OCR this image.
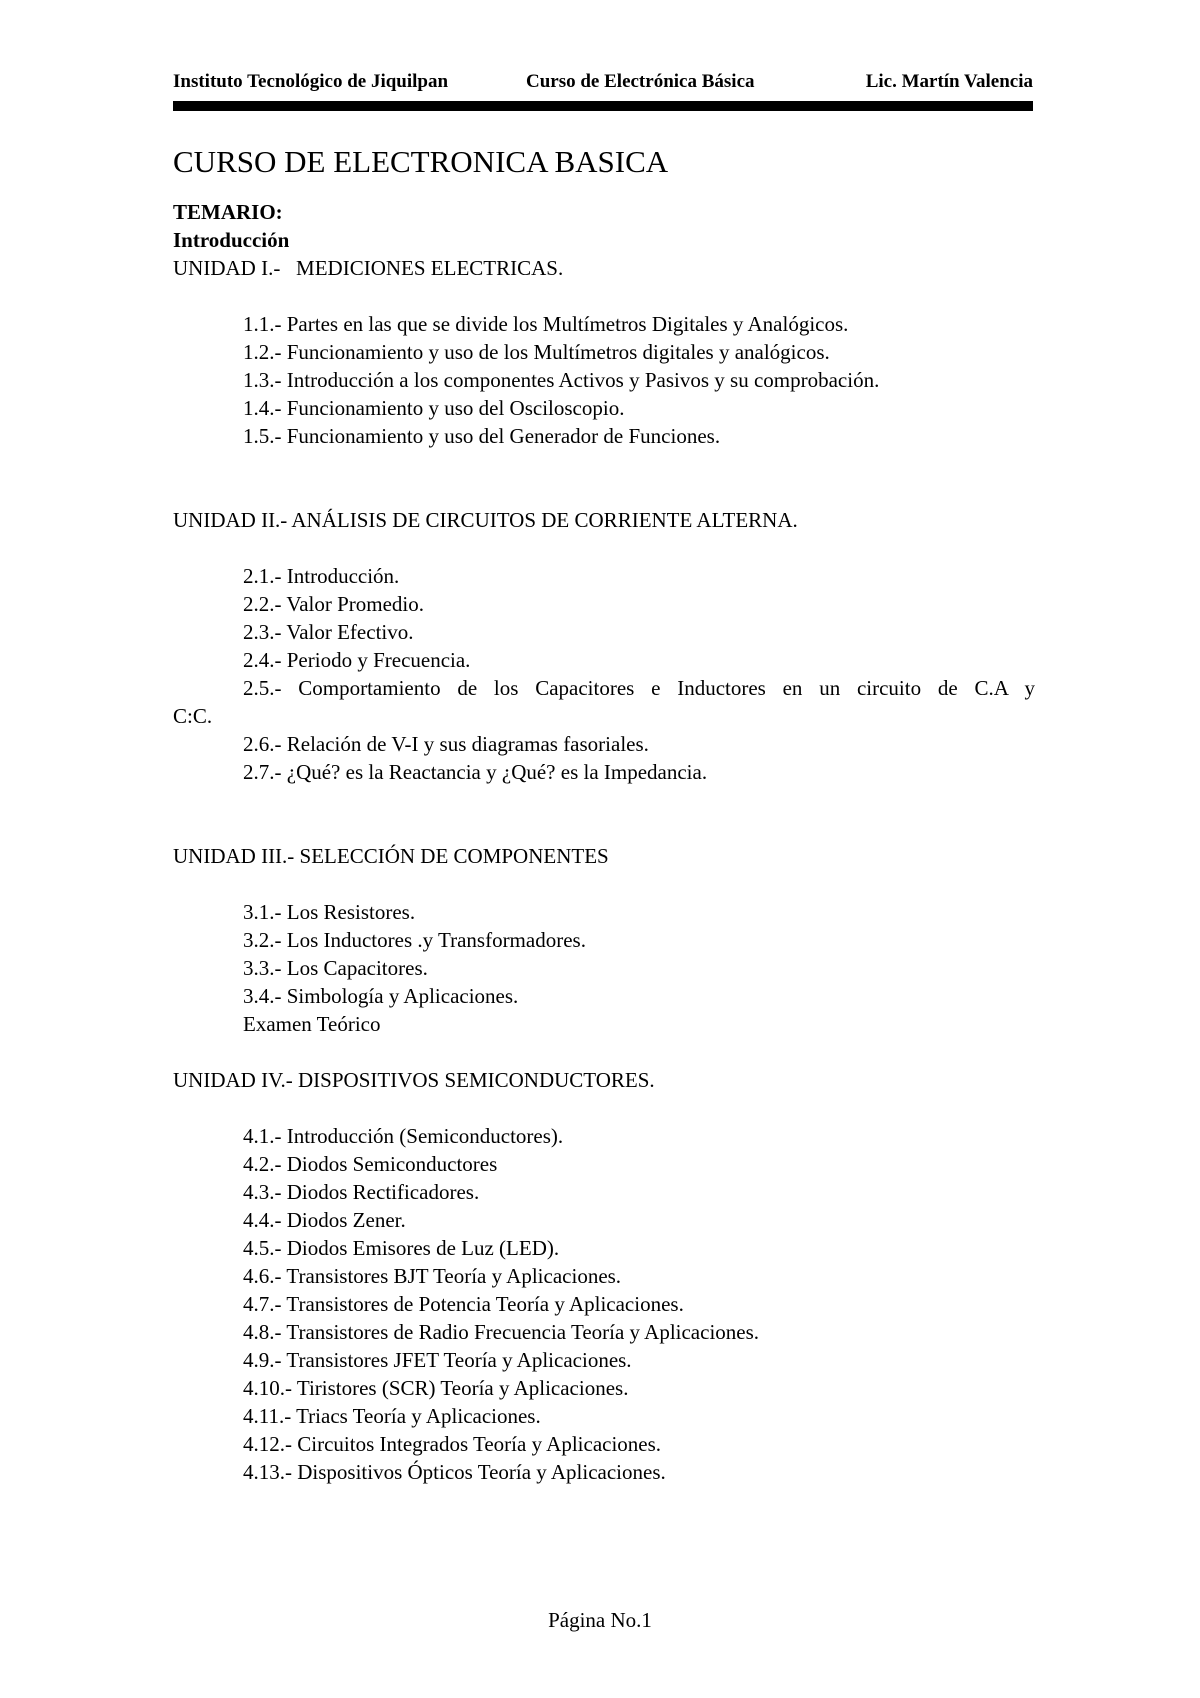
Instituto Tecnológico de Jiquilpan	Curso de Electrónica Básica	Lic. Martín Valencia
CURSO DE ELECTRONICA BASICA
TEMARIO:
Introducción
UNIDAD I.-   MEDICIONES ELECTRICAS.
1.1.- Partes en las que se divide los Multímetros Digitales y Analógicos.
1.2.- Funcionamiento y uso de los Multímetros digitales y analógicos.
1.3.- Introducción a los componentes Activos y Pasivos y su comprobación.
1.4.- Funcionamiento y uso del Osciloscopio.
1.5.- Funcionamiento y uso del Generador de Funciones.
UNIDAD II.- ANÁLISIS DE CIRCUITOS DE CORRIENTE ALTERNA.
2.1.- Introducción.
2.2.- Valor Promedio.
2.3.- Valor Efectivo.
2.4.- Periodo y Frecuencia.
2.5.- Comportamiento de los Capacitores e Inductores en un circuito de C.A y
C:C.
2.6.- Relación de V-I y sus diagramas fasoriales.
2.7.- ¿Qué? es la Reactancia y ¿Qué? es la Impedancia.
UNIDAD III.- SELECCIÓN DE COMPONENTES
3.1.- Los Resistores.
3.2.- Los Inductores .y Transformadores.
3.3.- Los Capacitores.
3.4.- Simbología y Aplicaciones.
Examen Teórico
UNIDAD IV.- DISPOSITIVOS SEMICONDUCTORES.
4.1.- Introducción (Semiconductores).
4.2.- Diodos Semiconductores
4.3.- Diodos Rectificadores.
4.4.- Diodos Zener.
4.5.- Diodos Emisores de Luz (LED).
4.6.- Transistores BJT Teoría y Aplicaciones.
4.7.- Transistores de Potencia Teoría y Aplicaciones.
4.8.- Transistores de Radio Frecuencia Teoría y Aplicaciones.
4.9.- Transistores JFET Teoría y Aplicaciones.
4.10.- Tiristores (SCR) Teoría y Aplicaciones.
4.11.- Triacs Teoría y Aplicaciones.
4.12.- Circuitos Integrados Teoría y Aplicaciones.
4.13.- Dispositivos Ópticos Teoría y Aplicaciones.
Página No.1
